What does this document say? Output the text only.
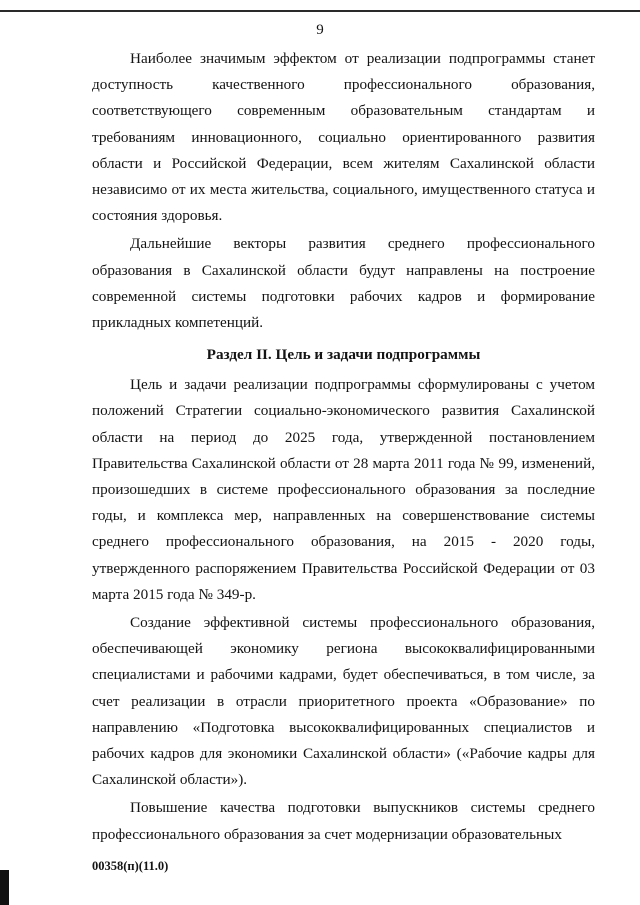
9

Наиболее значимым эффектом от реализации подпрограммы станет доступность качественного профессионального образования, соответствующего современным образовательным стандартам и требованиям инновационного, социально ориентированного развития области и Российской Федерации, всем жителям Сахалинской области независимо от их места жительства, социального, имущественного статуса и состояния здоровья.

Дальнейшие векторы развития среднего профессионального образования в Сахалинской области будут направлены на построение современной системы подготовки рабочих кадров и формирование прикладных компетенций.

Раздел II. Цель и задачи подпрограммы

Цель и задачи реализации подпрограммы сформулированы с учетом положений Стратегии социально-экономического развития Сахалинской области на период до 2025 года, утвержденной постановлением Правительства Сахалинской области от 28 марта 2011 года № 99, изменений, произошедших в системе профессионального образования за последние годы, и комплекса мер, направленных на совершенствование системы среднего профессионального образования, на 2015 - 2020 годы, утвержденного распоряжением Правительства Российской Федерации от 03 марта 2015 года № 349-р.

Создание эффективной системы профессионального образования, обеспечивающей экономику региона высококвалифицированными специалистами и рабочими кадрами, будет обеспечиваться, в том числе, за счет реализации в отрасли приоритетного проекта «Образование» по направлению «Подготовка высококвалифицированных специалистов и рабочих кадров для экономики Сахалинской области» («Рабочие кадры для Сахалинской области»).

Повышение качества подготовки выпускников системы среднего профессионального образования за счет модернизации образовательных

00358(п)(11.0)
